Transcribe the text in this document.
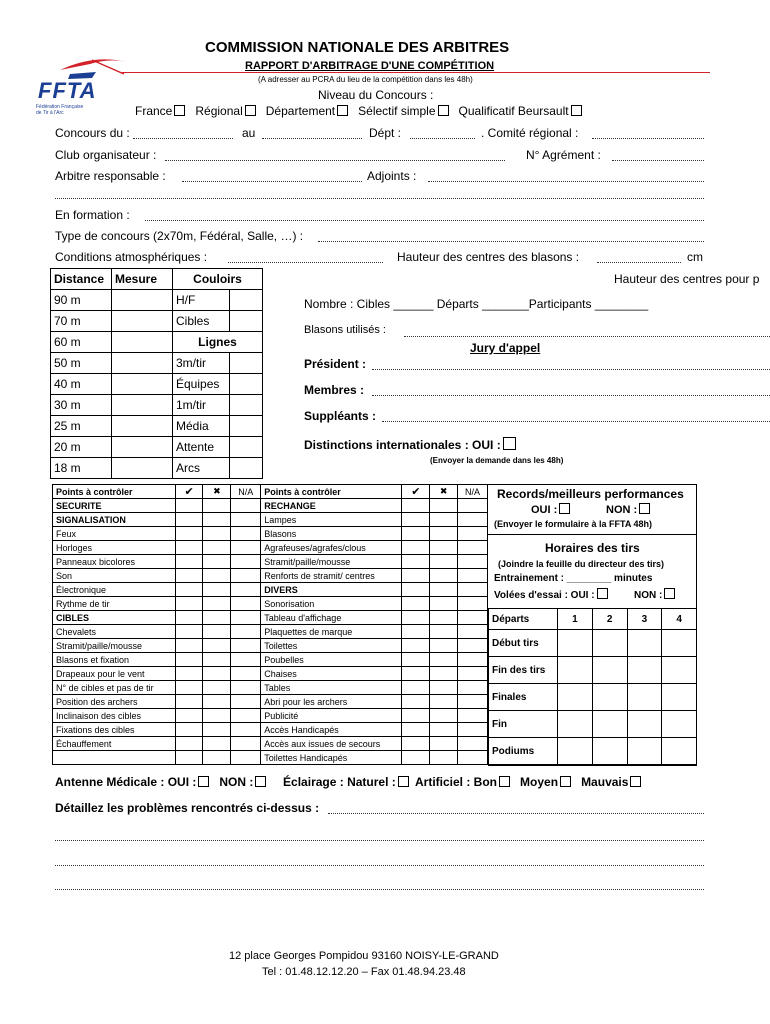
FFTA
Fédération Française
de Tir à l'Arc
COMMISSION NATIONALE DES ARBITRES
RAPPORT D'ARBITRAGE D'UNE COMPÉTITION
(A adresser au PCRA du lieu de la compétition dans les 48h)
Niveau du Concours :
France Régional Département Sélectif simple Qualificatif Beursault
Concours du :	au	Dépt :	. Comité régional :
Club organisateur :	N° Agrément :
Arbitre responsable :	Adjoints :
En formation :
Type de concours (2x70m, Fédéral, Salle, …) :
Conditions atmosphériques :	Hauteur des centres des blasons :	cm
Distance	Mesure	Couloirs	
90 m		H/F	
70 m		Cibles	
60 m		Lignes	
50 m		3m/tir	
40 m		Équipes	
30 m		1m/tir	
25 m		Média	
20 m		Attente	
18 m		Arcs	
Hauteur des centres pour p
Nombre : Cibles ______ Départs _______Participants ________
Blasons utilisés :
Jury d'appel
Président :
Membres :
Suppléants :
Distinctions internationales : OUI :
(Envoyer la demande dans les 48h)
Points à contrôler	✔	✖	N/A	Points à contrôler	✔	✖	N/A
SECURITE				RECHANGE			
SIGNALISATION				Lampes			
Feux				Blasons			
Horloges				Agrafeuses/agrafes/clous			
Panneaux bicolores				Stramit/paille/mousse			
Son				Renforts de stramit/ centres			
Électronique				DIVERS			
Rythme de tir				Sonorisation			
CIBLES				Tableau d'affichage			
Chevalets				Plaquettes de marque			
Stramit/paille/mousse				Toilettes			
Blasons et fixation				Poubelles			
Drapeaux pour le vent				Chaises			
N° de cibles et pas de tir				Tables			
Position des archers				Abri pour les archers			
Inclinaison des cibles				Publicité			
Fixations des cibles				Accès Handicapés			
Échauffement				Accès aux issues de secours			
				Toilettes Handicapés			
Records/meilleurs performances
OUI :	NON :
(Envoyer le formulaire à la FFTA 48h)
Horaires des tirs
(Joindre la feuille du directeur des tirs)
Entrainement : ________ minutes
Volées d'essai : OUI :	NON :
Départs	1	2	3	4
Début tirs				
Fin des tirs				
Finales				
Fin				
Podiums				
Antenne Médicale : OUI : NON : Éclairage : Naturel : Artificiel : Bon Moyen Mauvais
Détaillez les problèmes rencontrés ci-dessus :
12 place Georges Pompidou 93160 NOISY-LE-GRAND
Tel : 01.48.12.12.20 – Fax 01.48.94.23.48
